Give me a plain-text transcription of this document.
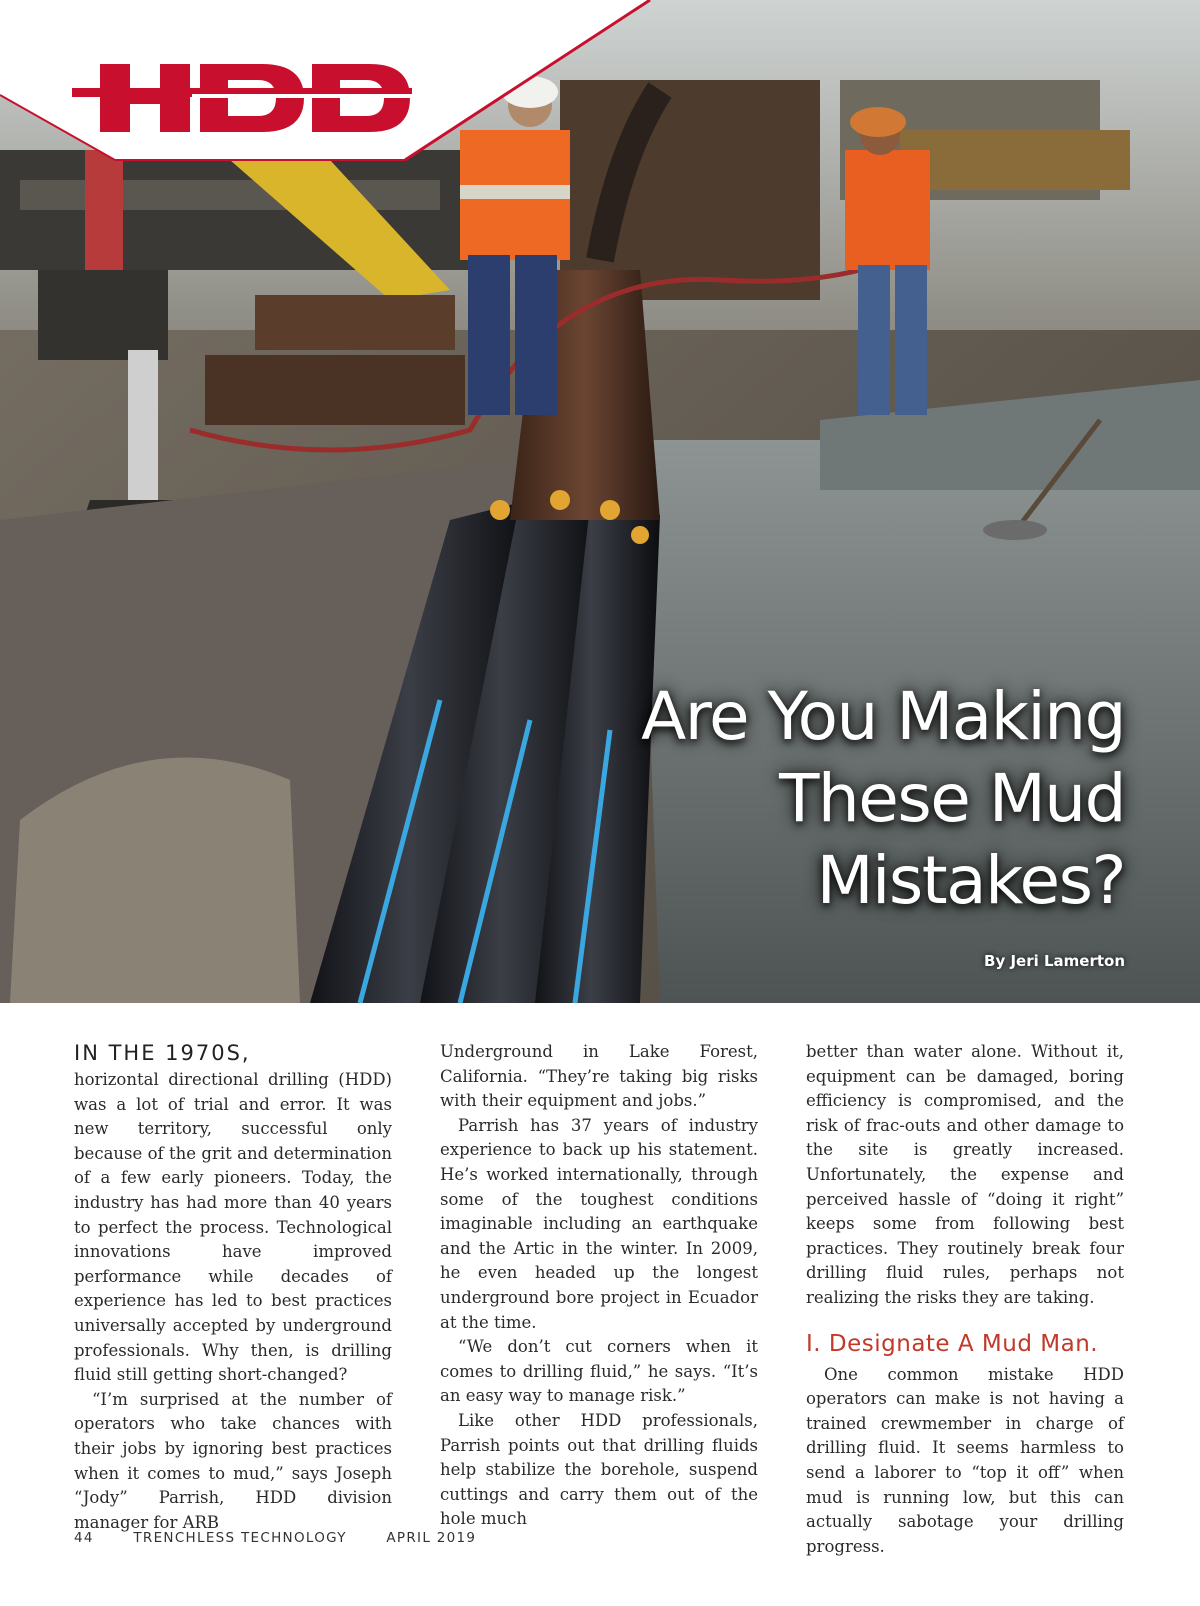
Are You Making
These Mud
Mistakes?
By Jeri Lamerton
IN THE 1970S,

horizontal directional drilling (HDD) was a lot of trial and error. It was new territory, successful only because of the grit and determination of a few early pioneers. Today, the industry has had more than 40 years to perfect the process. Technological innovations have improved performance while decades of experience has led to best practices universally accepted by underground professionals. Why then, is drilling fluid still getting short-changed?

“I’m surprised at the number of operators who take chances with their jobs by ignoring best practices when it comes to mud,” says Joseph “Jody” Parrish, HDD division manager for ARB

Underground in Lake Forest, California. “They’re taking big risks with their equipment and jobs.”

Parrish has 37 years of industry experience to back up his statement. He’s worked internationally, through some of the toughest conditions imaginable including an earthquake and the Artic in the winter. In 2009, he even headed up the longest underground bore project in Ecuador at the time.

“We don’t cut corners when it comes to drilling fluid,” he says. “It’s an easy way to manage risk.”

Like other HDD professionals, Parrish points out that drilling fluids help stabilize the borehole, suspend cuttings and carry them out of the hole much

better than water alone. Without it, equipment can be damaged, boring efficiency is compromised, and the risk of frac-outs and other damage to the site is greatly increased. Unfortunately, the expense and perceived hassle of “doing it right” keeps some from following best practices. They routinely break four drilling fluid rules, perhaps not realizing the risks they are taking.

I. Designate A Mud Man.

One common mistake HDD operators can make is not having a trained crewmember in charge of drilling fluid. It seems harmless to send a laborer to “top it off” when mud is running low, but this can actually sabotage your drilling progress.

44	TRENCHLESS TECHNOLOGY	APRIL 2019
